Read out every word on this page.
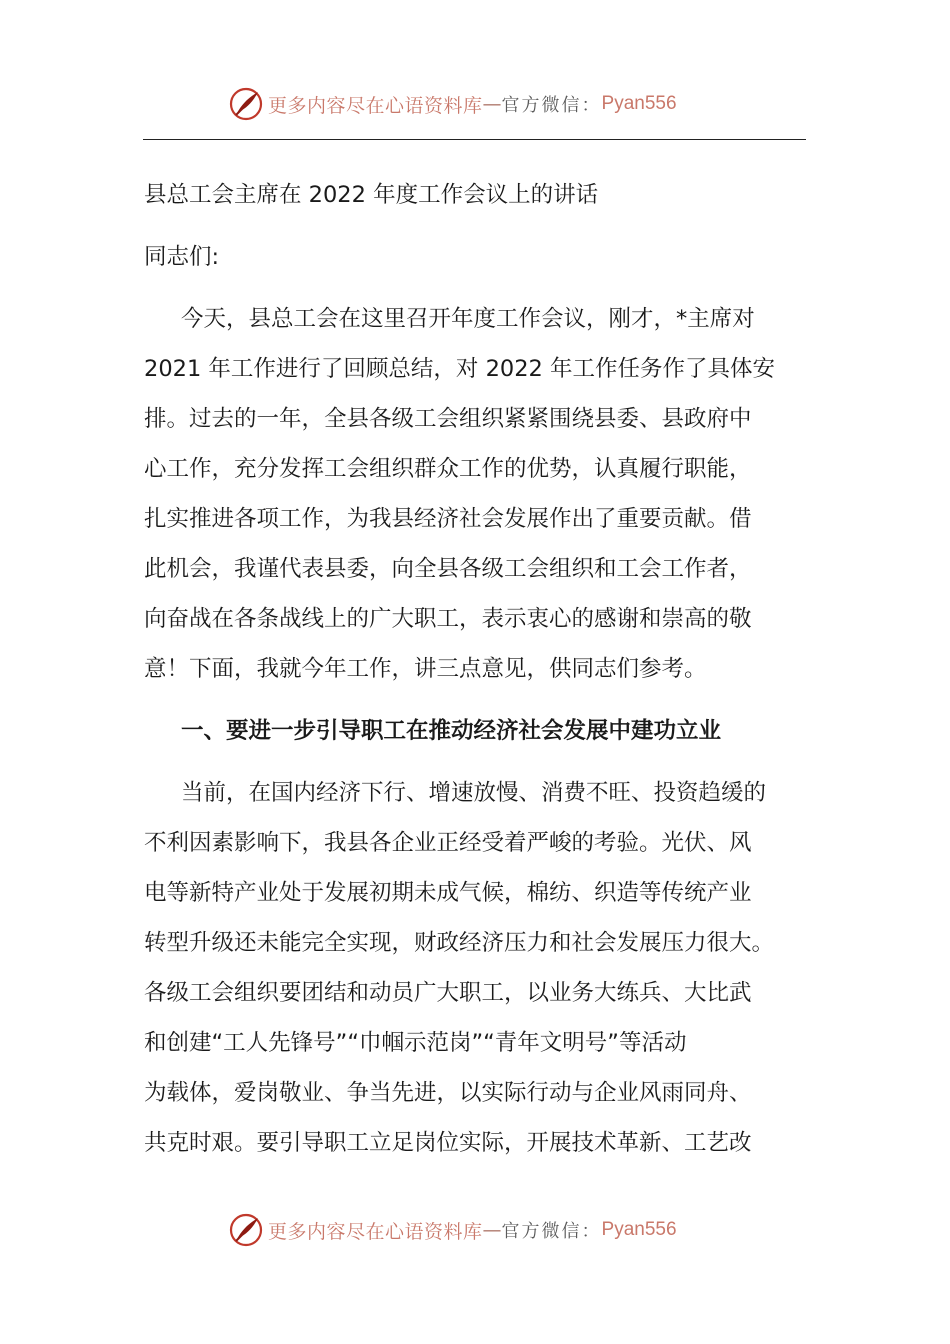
更多内容尽在心语资料库 — 官方微信： Pyan556
县总工会主席在 2022 年度工作会议上的讲话
同志们:
今天，县总工会在这里召开年度工作会议，刚才，*主席对
2021 年工作进行了回顾总结，对 2022 年工作任务作了具体安
排。过去的一年，全县各级工会组织紧紧围绕县委、县政府中
心工作，充分发挥工会组织群众工作的优势，认真履行职能，
扎实推进各项工作，为我县经济社会发展作出了重要贡献。借
此机会，我谨代表县委，向全县各级工会组织和工会工作者，
向奋战在各条战线上的广大职工，表示衷心的感谢和崇高的敬
意！下面，我就今年工作，讲三点意见，供同志们参考。
一、要进一步引导职工在推动经济社会发展中建功立业
当前，在国内经济下行、增速放慢、消费不旺、投资趋缓的
不利因素影响下，我县各企业正经受着严峻的考验。光伏、风
电等新特产业处于发展初期未成气候，棉纺、织造等传统产业
转型升级还未能完全实现，财政经济压力和社会发展压力很大。
各级工会组织要团结和动员广大职工，以业务大练兵、大比武
和创建“工人先锋号”“巾帼示范岗”“青年文明号”等活动
为载体，爱岗敬业、争当先进，以实际行动与企业风雨同舟、
共克时艰。要引导职工立足岗位实际，开展技术革新、工艺改
更多内容尽在心语资料库 — 官方微信： Pyan556
